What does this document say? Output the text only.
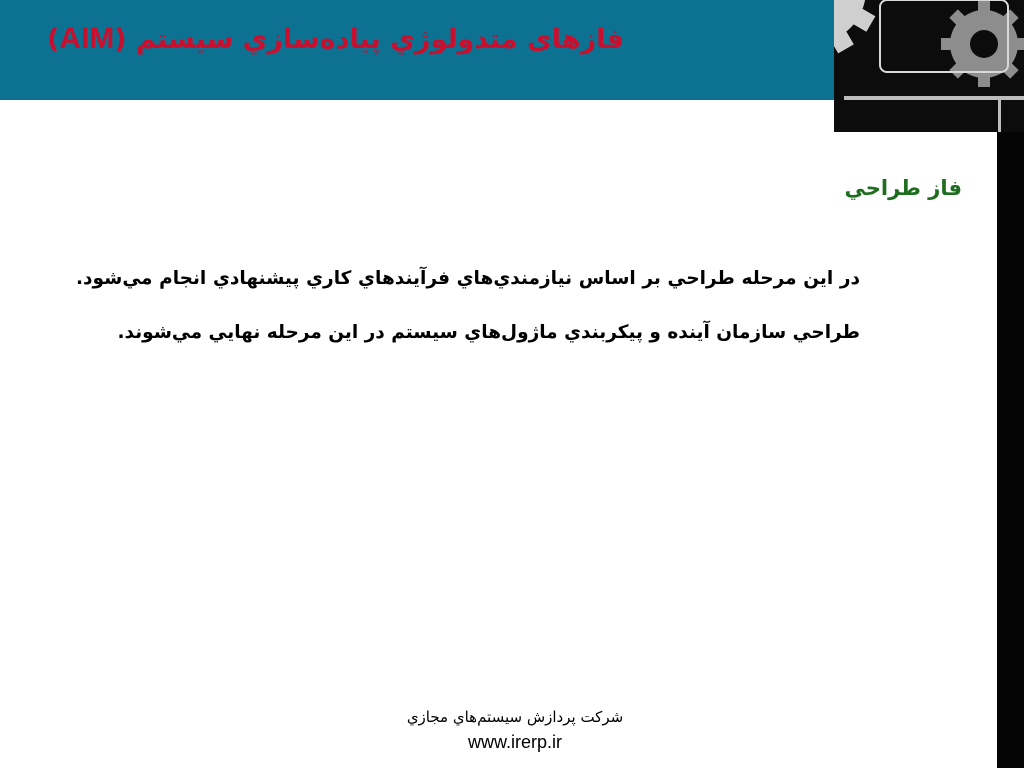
فازهای متدولوژي پیاده‌سازي سيستم (AIM)
فاز طراحي
در اين مرحله طراحي بر اساس نيازمندي‌هاي فرآيندهاي كاري پيشنهادي انجام مي‌شود. طراحي سازمان آينده و پيكربندي ماژول‌هاي سيستم در اين مرحله نهايي مي‌شوند.
شركت پردازش سيستم‌هاي مجازي
www.irerp.ir
